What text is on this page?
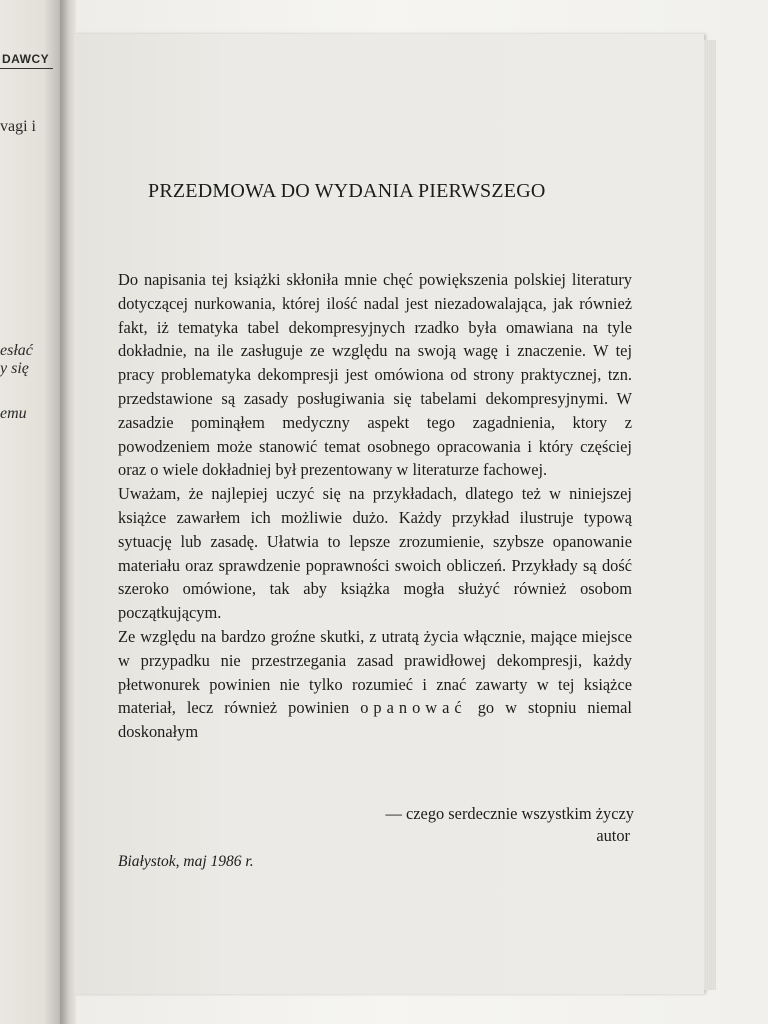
DAWCY
vagi i
esłać
y się
emu
PRZEDMOWA DO WYDANIA PIERWSZEGO

Do napisania tej książki skłoniła mnie chęć powiększenia polskiej literatury dotyczącej nurkowania, której ilość nadal jest niezadowalająca, jak również fakt, iż tematyka tabel dekompresyjnych rzadko była omawiana na tyle dokładnie, na ile zasługuje ze względu na swoją wagę i znaczenie. W tej pracy problematyka dekompresji jest omówiona od strony praktycznej, tzn. przedstawione są zasady posługiwania się tabelami dekompresyjnymi. W zasadzie pominąłem medyczny aspekt tego zagadnienia, ktory z powodzeniem może stanowić temat osobnego opracowania i który częściej oraz o wiele dokładniej był prezentowany w literaturze fachowej.

Uważam, że najlepiej uczyć się na przykładach, dlatego też w niniejszej książce zawarłem ich możliwie dużo. Każdy przykład ilustruje typową sytuację lub zasadę. Ułatwia to lepsze zrozumienie, szybsze opanowanie materiału oraz sprawdzenie poprawności swoich obliczeń. Przykłady są dość szeroko omówione, tak aby książka mogła służyć również osobom początkującym.

Ze względu na bardzo groźne skutki, z utratą życia włącznie, mające miejsce w przypadku nie przestrzegania zasad prawidłowej dekompresji, każdy płetwonurek powinien nie tylko rozumieć i znać zawarty w tej książce materiał, lecz również powinien opanować go w stopniu niemal doskonałym

— czego serdecznie wszystkim życzy
autor
Białystok, maj 1986 r.
